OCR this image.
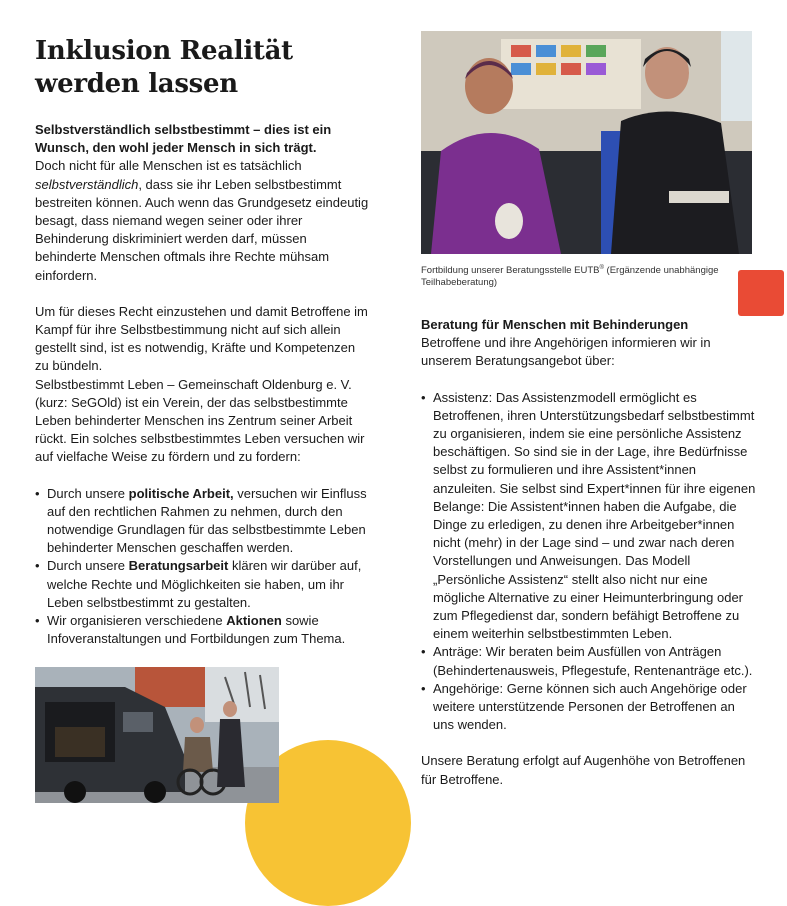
Inklusion Realität
werden lassen

Selbstverständlich selbstbestimmt – dies ist ein Wunsch, den wohl jeder Mensch in sich trägt.

Doch nicht für alle Menschen ist es tatsächlich selbstverständlich, dass sie ihr Leben selbstbestimmt bestreiten können. Auch wenn das Grundgesetz eindeutig besagt, dass niemand wegen seiner oder ihrer Behinderung diskriminiert werden darf, müssen behinderte Menschen oftmals ihre Rechte mühsam einfordern.

Um für dieses Recht einzustehen und damit Betroffene im Kampf für ihre Selbstbestimmung nicht auf sich allein gestellt sind, ist es notwendig, Kräfte und Kompetenzen zu bündeln.

Selbstbestimmt Leben – Gemeinschaft Oldenburg e. V. (kurz: SeGOld) ist ein Verein, der das selbstbestimmte Leben behinderter Menschen ins Zentrum seiner Arbeit rückt. Ein solches selbstbestimmtes Leben versuchen wir auf vielfache Weise zu fördern und zu fordern:

• Durch unsere politische Arbeit, versuchen wir Einfluss auf den rechtlichen Rahmen zu nehmen, durch den notwendige Grundlagen für das selbstbestimmte Leben behinderter Menschen geschaffen werden.
• Durch unsere Beratungsarbeit klären wir darüber auf, welche Rechte und Möglichkeiten sie haben, um ihr Leben selbstbestimmt zu gestalten.
• Wir organisieren verschiedene Aktionen sowie Infoveranstaltungen und Fortbildungen zum Thema.
Fortbildung unserer Beratungsstelle EUTB® (Ergänzende unabhängige Teilhabeberatung)

Beratung für Menschen mit Behinderungen

Betroffene und ihre Angehörigen informieren wir in unserem Beratungsangebot über:

• Assistenz: Das Assistenzmodell ermöglicht es Betroffenen, ihren Unterstützungsbedarf selbstbestimmt zu organisieren, indem sie eine persönliche Assistenz beschäftigen. So sind sie in der Lage, ihre Bedürfnisse selbst zu formulieren und ihre Assistent*innen anzuleiten. Sie selbst sind Expert*innen für ihre eigenen Belange: Die Assistent*innen haben die Aufgabe, die Dinge zu erledigen, zu denen ihre Arbeitgeber*innen nicht (mehr) in der Lage sind – und zwar nach deren Vorstellungen und Anweisungen. Das Modell „Persönliche Assistenz“ stellt also nicht nur eine mögliche Alternative zu einer Heimunterbringung oder zum Pflegedienst dar, sondern befähigt Betroffene zu einem weiterhin selbstbestimmten Leben.
• Anträge: Wir beraten beim Ausfüllen von Anträgen (Behindertenausweis, Pflegestufe, Rentenanträge etc.).
• Angehörige: Gerne können sich auch Angehörige oder weitere unterstützende Personen der Betroffenen an uns wenden.

Unsere Beratung erfolgt auf Augenhöhe von Betroffenen für Betroffene.
